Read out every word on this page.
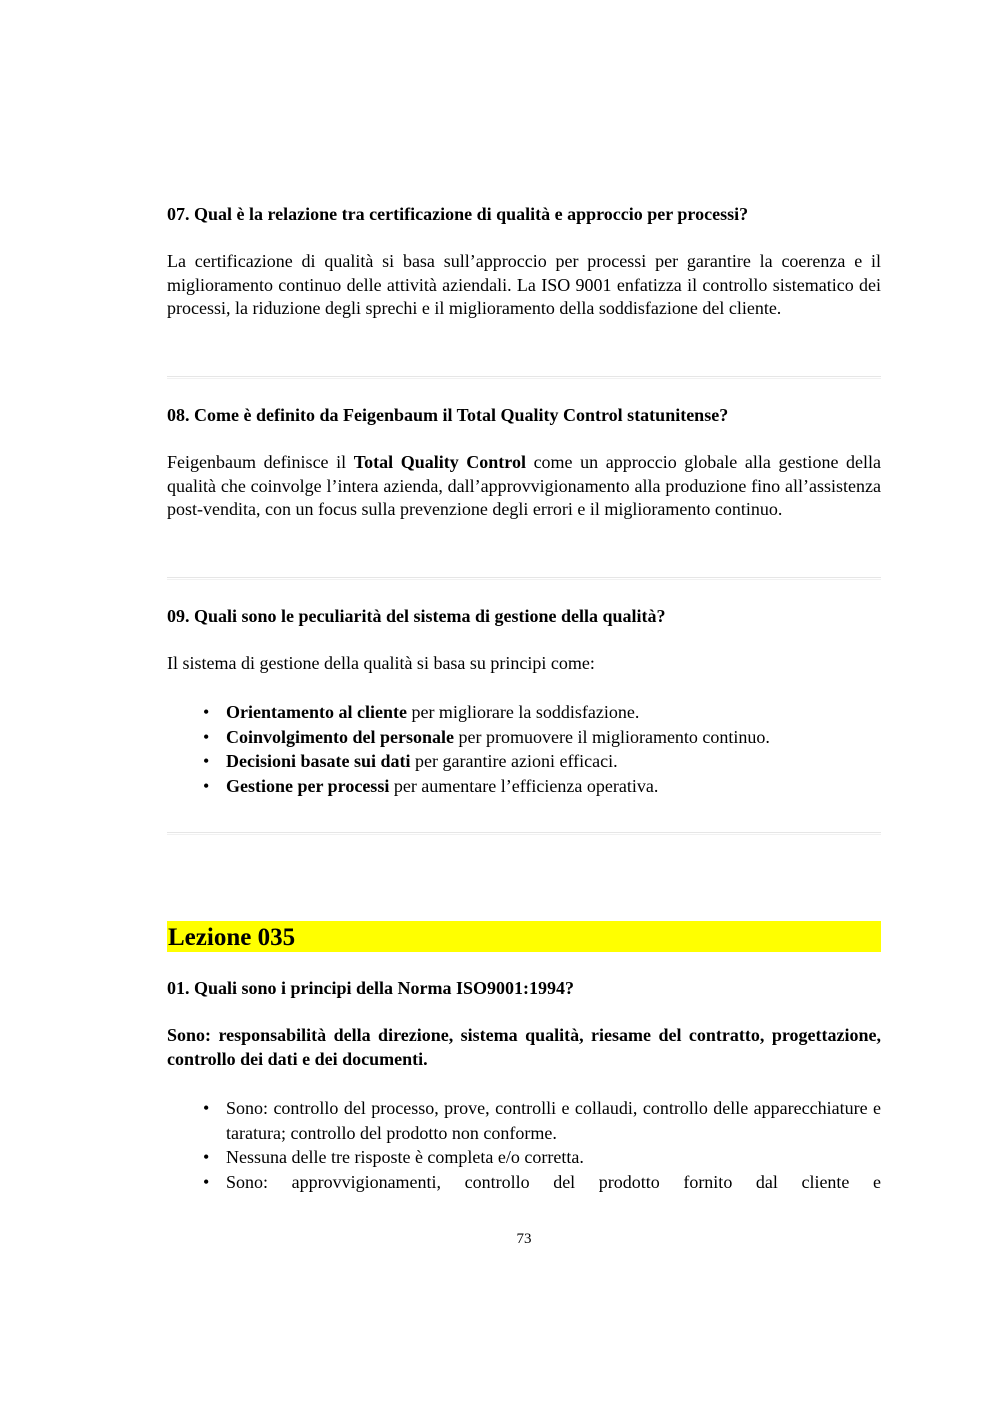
07. Qual è la relazione tra certificazione di qualità e approccio per processi?
La certificazione di qualità si basa sull’approccio per processi per garantire la coerenza e il miglioramento continuo delle attività aziendali. La ISO 9001 enfatizza il controllo sistematico dei processi, la riduzione degli sprechi e il miglioramento della soddisfazione del cliente.
08. Come è definito da Feigenbaum il Total Quality Control statunitense?
Feigenbaum definisce il Total Quality Control come un approccio globale alla gestione della qualità che coinvolge l’intera azienda, dall’approvvigionamento alla produzione fino all’assistenza post-vendita, con un focus sulla prevenzione degli errori e il miglioramento continuo.
09. Quali sono le peculiarità del sistema di gestione della qualità?
Il sistema di gestione della qualità si basa su principi come:
• Orientamento al cliente per migliorare la soddisfazione.
• Coinvolgimento del personale per promuovere il miglioramento continuo.
• Decisioni basate sui dati per garantire azioni efficaci.
• Gestione per processi per aumentare l’efficienza operativa.
Lezione 035
01. Quali sono i principi della Norma ISO9001:1994?
Sono: responsabilità della direzione, sistema qualità, riesame del contratto, progettazione, controllo dei dati e dei documenti.
• Sono: controllo del processo, prove, controlli e collaudi, controllo delle apparecchiature e taratura; controllo del prodotto non conforme.
• Nessuna delle tre risposte è completa e/o corretta.
• Sono: approvvigionamenti, controllo del prodotto fornito dal cliente e
73
